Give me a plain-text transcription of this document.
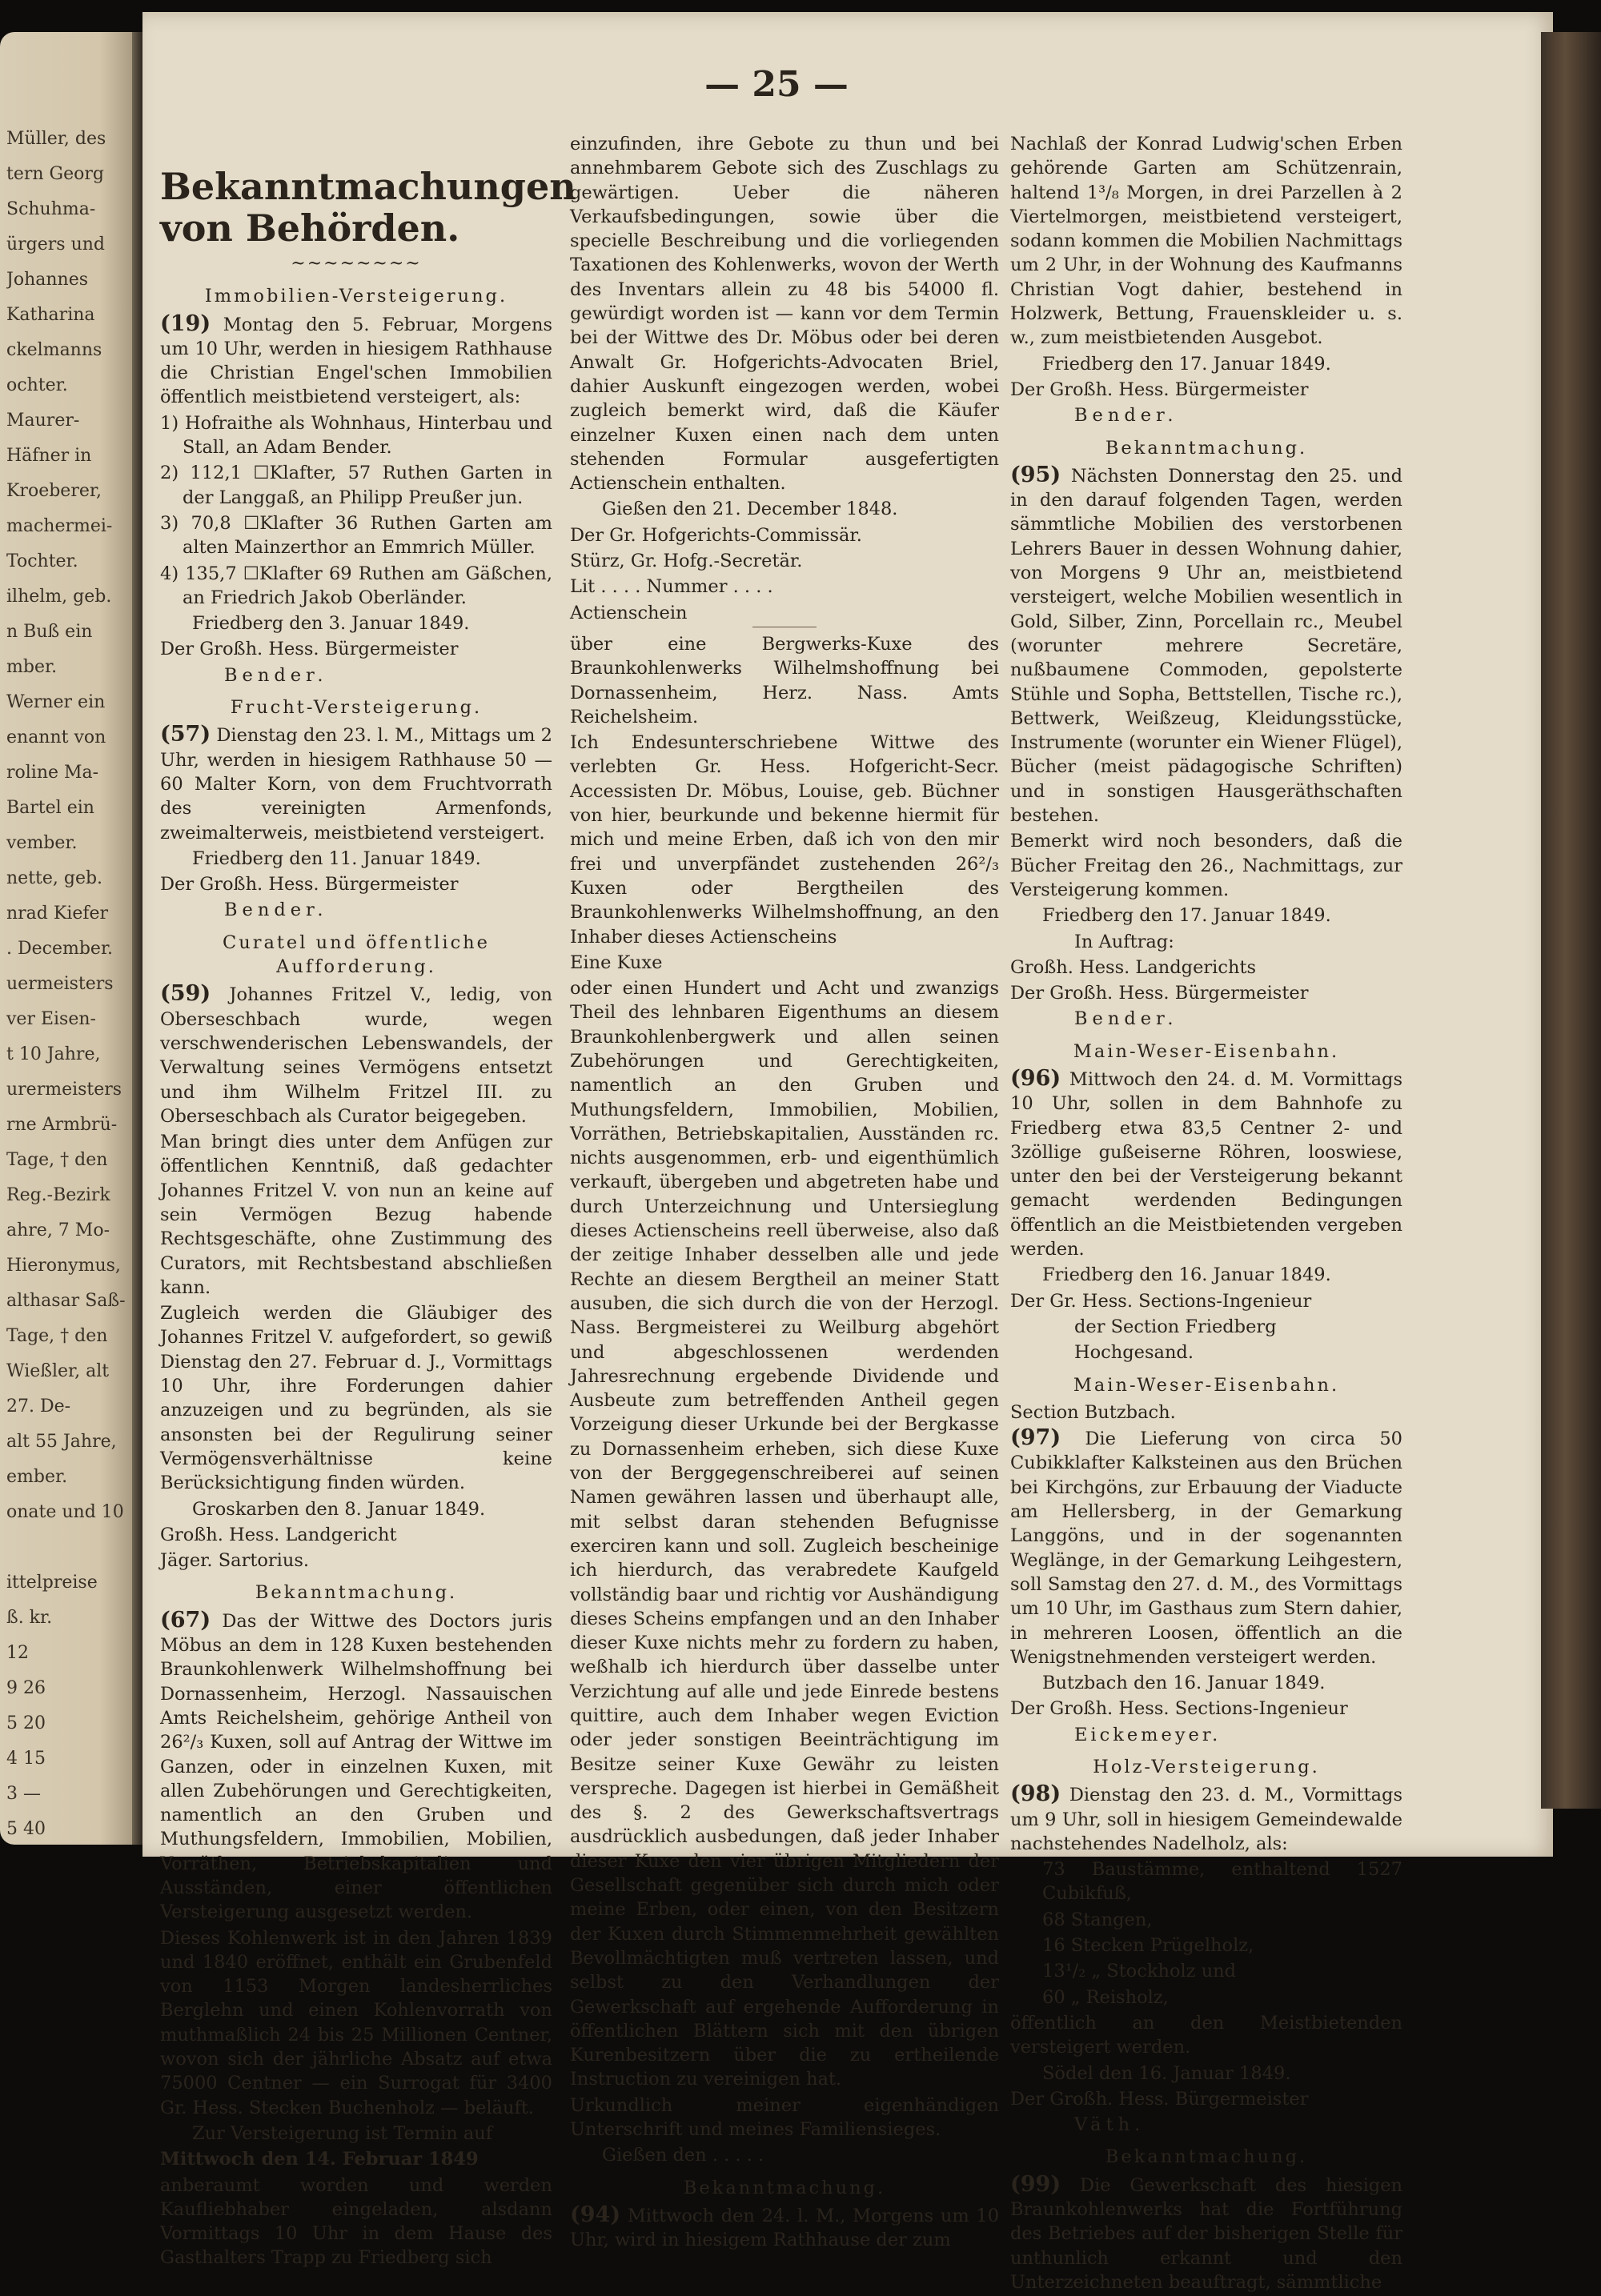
Müller, des
tern Georg
Schuhma-
ürgers und
Johannes
Katharina
ckelmanns
ochter.
Maurer-
Häfner in
Kroeberer,
machermei-
Tochter.
ilhelm, geb.
n Buß ein
mber.
Werner ein
enannt von
roline Ma-
Bartel ein
vember.
nette, geb.
nrad Kiefer
. December.
uermeisters
ver Eisen-
t 10 Jahre,
urermeisters
rne Armbrü-
Tage, † den
Reg.-Bezirk
ahre, 7 Mo-
Hieronymus,
althasar Saß-
Tage, † den
Wießler, alt
27. De-
alt 55 Jahre,
ember.
onate und 10
ittelpreise
ß. kr.
12
9 26
5 20
4 15
3 —
5 40
— 25 —
Bekanntmachungen von Behörden.
~~~~~~~~
Immobilien-Versteigerung.

(19) Montag den 5. Februar, Morgens um 10 Uhr, werden in hiesigem Rathhause die Christian Engel'schen Immobilien öffentlich meistbietend versteigert, als:

1) Hofraithe als Wohnhaus, Hinterbau und Stall, an Adam Bender.

2) 112,1 ☐Klafter, 57 Ruthen Garten in der Langgaß, an Philipp Preußer jun.

3) 70,8 ☐Klafter 36 Ruthen Garten am alten Mainzerthor an Emmrich Müller.

4) 135,7 ☐Klafter 69 Ruthen am Gäßchen, an Friedrich Jakob Oberländer.

Friedberg den 3. Januar 1849.

Der Großh. Hess. Bürgermeister

Bender.

Frucht-Versteigerung.

(57) Dienstag den 23. l. M., Mittags um 2 Uhr, werden in hiesigem Rathhause 50 — 60 Malter Korn, von dem Fruchtvorrath des vereinigten Armenfonds, zweimalterweis, meistbietend versteigert.

Friedberg den 11. Januar 1849.

Der Großh. Hess. Bürgermeister

Bender.

Curatel und öffentliche Aufforderung.

(59) Johannes Fritzel V., ledig, von Oberseschbach wurde, wegen verschwenderischen Lebenswandels, der Verwaltung seines Vermögens entsetzt und ihm Wilhelm Fritzel III. zu Oberseschbach als Curator beigegeben.

Man bringt dies unter dem Anfügen zur öffentlichen Kenntniß, daß gedachter Johannes Fritzel V. von nun an keine auf sein Vermögen Bezug habende Rechtsgeschäfte, ohne Zustimmung des Curators, mit Rechtsbestand abschließen kann.

Zugleich werden die Gläubiger des Johannes Fritzel V. aufgefordert, so gewiß Dienstag den 27. Februar d. J., Vormittags 10 Uhr, ihre Forderungen dahier anzuzeigen und zu begründen, als sie ansonsten bei der Regulirung seiner Vermögensverhältnisse keine Berücksichtigung finden würden.

Groskarben den 8. Januar 1849.

Großh. Hess. Landgericht

Jäger. Sartorius.

Bekanntmachung.

(67) Das der Wittwe des Doctors juris Möbus an dem in 128 Kuxen bestehenden Braunkohlenwerk Wilhelmshoffnung bei Dornassenheim, Herzogl. Nassauischen Amts Reichelsheim, gehörige Antheil von 26²/₃ Kuxen, soll auf Antrag der Wittwe im Ganzen, oder in einzelnen Kuxen, mit allen Zubehörungen und Gerechtigkeiten, namentlich an den Gruben und Muthungsfeldern, Immobilien, Mobilien, Vorräthen, Betriebskapitalien und Ausständen, einer öffentlichen Versteigerung ausgesetzt werden.

Dieses Kohlenwerk ist in den Jahren 1839 und 1840 eröffnet, enthält ein Grubenfeld von 1153 Morgen landesherrliches Berglehn und einen Kohlenvorrath von muthmaßlich 24 bis 25 Millionen Centner, wovon sich der jährliche Absatz auf etwa 75000 Centner — ein Surrogat für 3400 Gr. Hess. Stecken Buchenholz — beläuft.

Zur Versteigerung ist Termin auf

Mittwoch den 14. Februar 1849

anberaumt worden und werden Kaufliebhaber eingeladen, alsdann Vormittags 10 Uhr in dem Hause des Gasthalters Trapp zu Friedberg sich

einzufinden, ihre Gebote zu thun und bei annehmbarem Gebote sich des Zuschlags zu gewärtigen. Ueber die näheren Verkaufsbedingungen, sowie über die specielle Beschreibung und die vorliegenden Taxationen des Kohlenwerks, wovon der Werth des Inventars allein zu 48 bis 54000 fl. gewürdigt worden ist — kann vor dem Termin bei der Wittwe des Dr. Möbus oder bei deren Anwalt Gr. Hofgerichts-Advocaten Briel, dahier Auskunft eingezogen werden, wobei zugleich bemerkt wird, daß die Käufer einzelner Kuxen einen nach dem unten stehenden Formular ausgefertigten Actienschein enthalten.

Gießen den 21. December 1848.

Der Gr. Hofgerichts-Commissär.

Stürz, Gr. Hofg.-Secretär.

Lit . . . . Nummer . . . .

Actienschein

über eine Bergwerks-Kuxe des Braunkohlenwerks Wilhelmshoffnung bei Dornassenheim, Herz. Nass. Amts Reichelsheim.

Ich Endesunterschriebene Wittwe des verlebten Gr. Hess. Hofgericht-Secr. Accessisten Dr. Möbus, Louise, geb. Büchner von hier, beurkunde und bekenne hiermit für mich und meine Erben, daß ich von den mir frei und unverpfändet zustehenden 26²/₃ Kuxen oder Bergtheilen des Braunkohlenwerks Wilhelmshoffnung, an den Inhaber dieses Actienscheins

Eine Kuxe

oder einen Hundert und Acht und zwanzigs Theil des lehnbaren Eigenthums an diesem Braunkohlenbergwerk und allen seinen Zubehörungen und Gerechtigkeiten, namentlich an den Gruben und Muthungsfeldern, Immobilien, Mobilien, Vorräthen, Betriebskapitalien, Ausständen rc. nichts ausgenommen, erb- und eigenthümlich verkauft, übergeben und abgetreten habe und durch Unterzeichnung und Untersieglung dieses Actienscheins reell überweise, also daß der zeitige Inhaber desselben alle und jede Rechte an diesem Bergtheil an meiner Statt ausuben, die sich durch die von der Herzogl. Nass. Bergmeisterei zu Weilburg abgehört und abgeschlossenen werdenden Jahresrechnung ergebende Dividende und Ausbeute zum betreffenden Antheil gegen Vorzeigung dieser Urkunde bei der Bergkasse zu Dornassenheim erheben, sich diese Kuxe von der Berggegenschreiberei auf seinen Namen gewähren lassen und überhaupt alle, mit selbst daran stehenden Befugnisse exerciren kann und soll. Zugleich bescheinige ich hierdurch, das verabredete Kaufgeld vollständig baar und richtig vor Aushändigung dieses Scheins empfangen und an den Inhaber dieser Kuxe nichts mehr zu fordern zu haben, weßhalb ich hierdurch über dasselbe unter Verzichtung auf alle und jede Einrede bestens quittire, auch dem Inhaber wegen Eviction oder jeder sonstigen Beeinträchtigung im Besitze seiner Kuxe Gewähr zu leisten verspreche. Dagegen ist hierbei in Gemäßheit des §. 2 des Gewerkschaftsvertrags ausdrücklich ausbedungen, daß jeder Inhaber dieser Kuxe den vier übrigen Mitgliedern der Gesellschaft gegenüber sich durch mich oder meine Erben, oder einen, von den Besitzern der Kuxen durch Stimmenmehrheit gewählten Bevollmächtigten muß vertreten lassen, und selbst zu den Verhandlungen der Gewerkschaft auf ergehende Aufforderung in öffentlichen Blättern sich mit den übrigen Kurenbesitzern über die zu ertheilende Instruction zu vereinigen hat.

Urkundlich meiner eigenhändigen Unterschrift und meines Familiensieges.

Gießen den . . . . .

Bekanntmachung.

(94) Mittwoch den 24. l. M., Morgens um 10 Uhr, wird in hiesigem Rathhause der zum

Nachlaß der Konrad Ludwig'schen Erben gehörende Garten am Schützenrain, haltend 1³/₈ Morgen, in drei Parzellen à 2 Viertelmorgen, meistbietend versteigert, sodann kommen die Mobilien Nachmittags um 2 Uhr, in der Wohnung des Kaufmanns Christian Vogt dahier, bestehend in Holzwerk, Bettung, Frauenskleider u. s. w., zum meistbietenden Ausgebot.

Friedberg den 17. Januar 1849.

Der Großh. Hess. Bürgermeister

Bender.

Bekanntmachung.

(95) Nächsten Donnerstag den 25. und in den darauf folgenden Tagen, werden sämmtliche Mobilien des verstorbenen Lehrers Bauer in dessen Wohnung dahier, von Morgens 9 Uhr an, meistbietend versteigert, welche Mobilien wesentlich in Gold, Silber, Zinn, Porcellain rc., Meubel (worunter mehrere Secretäre, nußbaumene Commoden, gepolsterte Stühle und Sopha, Bettstellen, Tische rc.), Bettwerk, Weißzeug, Kleidungsstücke, Instrumente (worunter ein Wiener Flügel), Bücher (meist pädagogische Schriften) und in sonstigen Hausgeräthschaften bestehen.

Bemerkt wird noch besonders, daß die Bücher Freitag den 26., Nachmittags, zur Versteigerung kommen.

Friedberg den 17. Januar 1849.

In Auftrag:

Großh. Hess. Landgerichts

Der Großh. Hess. Bürgermeister

Bender.

Main-Weser-Eisenbahn.

(96) Mittwoch den 24. d. M. Vormittags 10 Uhr, sollen in dem Bahnhofe zu Friedberg etwa 83,5 Centner 2- und 3zöllige gußeiserne Röhren, looswiese, unter den bei der Versteigerung bekannt gemacht werdenden Bedingungen öffentlich an die Meistbietenden vergeben werden.

Friedberg den 16. Januar 1849.

Der Gr. Hess. Sections-Ingenieur

der Section Friedberg

Hochgesand.

Main-Weser-Eisenbahn.

Section Butzbach.

(97) Die Lieferung von circa 50 Cubikklafter Kalksteinen aus den Brüchen bei Kirchgöns, zur Erbauung der Viaducte am Hellersberg, in der Gemarkung Langgöns, und in der sogenannten Weglänge, in der Gemarkung Leihgestern, soll Samstag den 27. d. M., des Vormittags um 10 Uhr, im Gasthaus zum Stern dahier, in mehreren Loosen, öffentlich an die Wenigstnehmenden versteigert werden.

Butzbach den 16. Januar 1849.

Der Großh. Hess. Sections-Ingenieur

Eickemeyer.

Holz-Versteigerung.

(98) Dienstag den 23. d. M., Vormittags um 9 Uhr, soll in hiesigem Gemeindewalde nachstehendes Nadelholz, als:

73 Baustämme, enthaltend 1527 Cubikfuß,

68 Stangen,

16 Stecken Prügelholz,

13¹/₂ „ Stockholz und

60 „ Reisholz,

öffentlich an den Meistbietenden versteigert werden.

Södel den 16. Januar 1849.

Der Großh. Hess. Bürgermeister

Väth.

Bekanntmachung.

(99) Die Gewerkschaft des hiesigen Braunkohlenwerks hat die Fortführung des Betriebes auf der bisherigen Stelle für unthunlich erkannt und den Unterzeichneten beauftragt, sämmtliche
